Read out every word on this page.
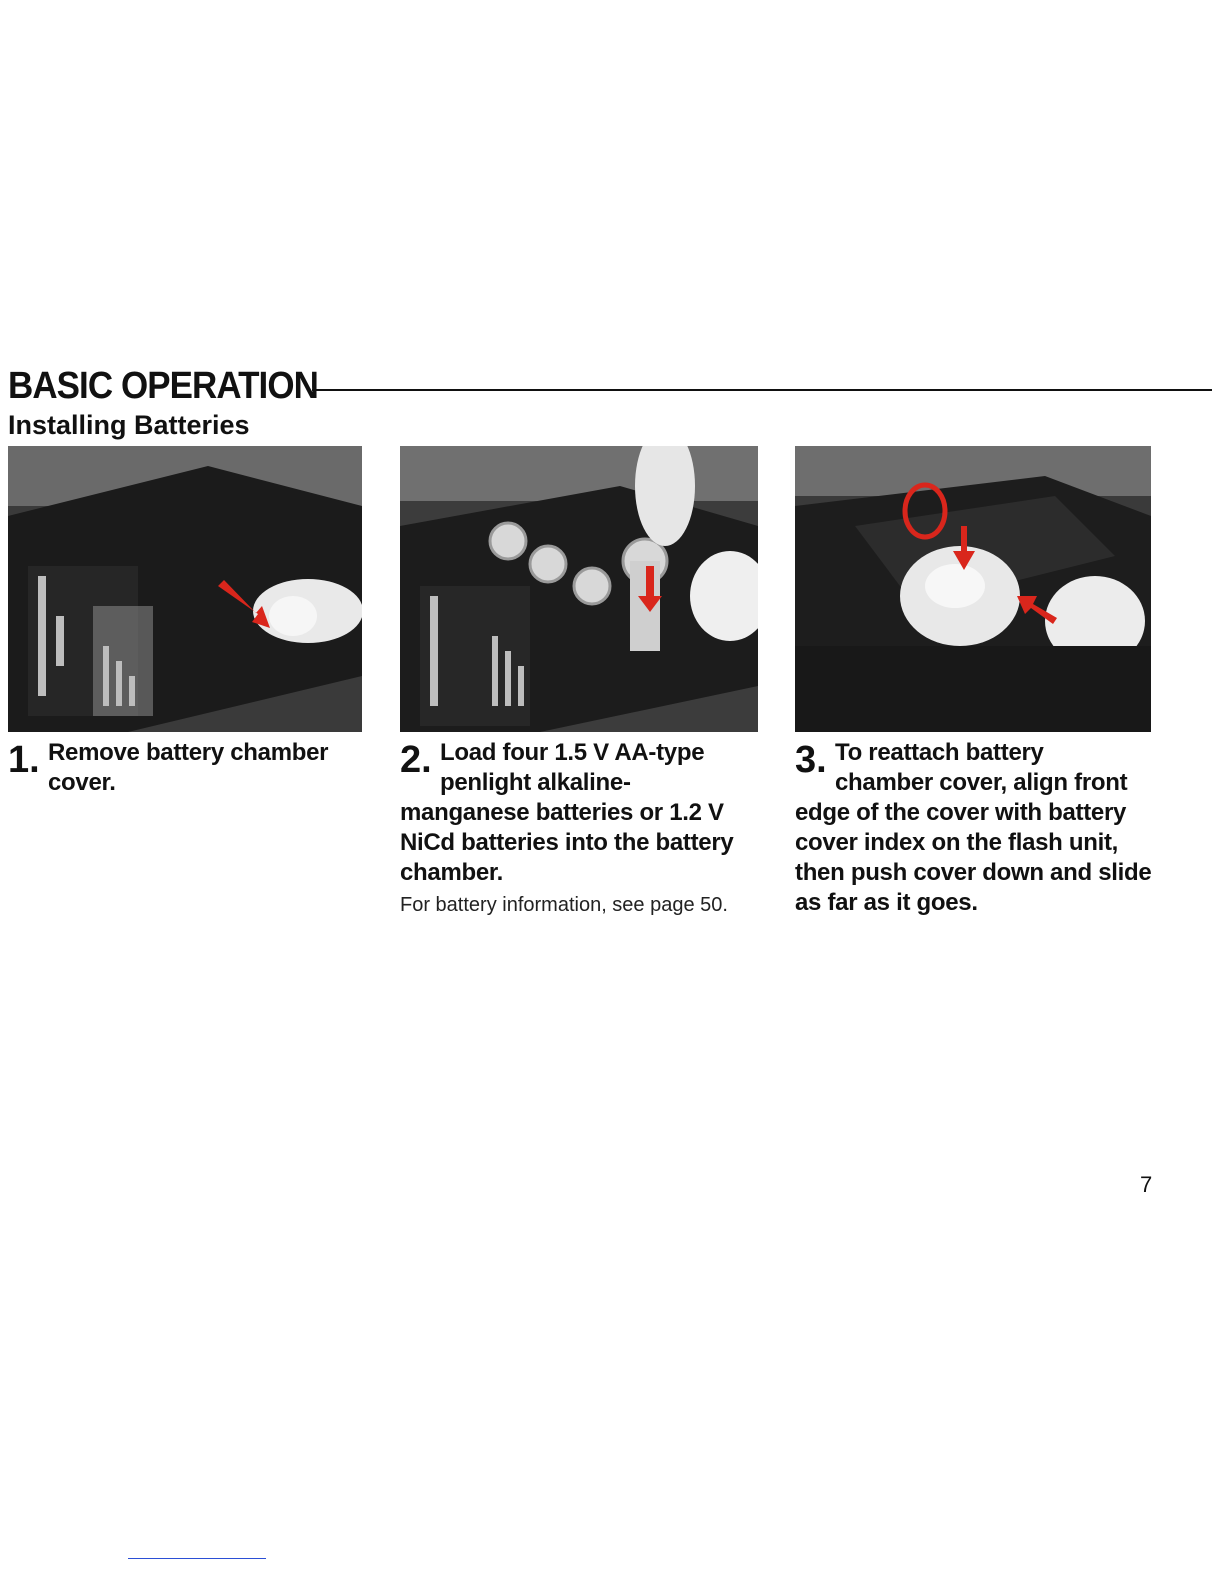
BASIC OPERATION
Installing Batteries
1. Remove battery chamber
cover.

2. Load four 1.5 V AA-type
penlight alkaline-
manganese batteries or 1.2 V NiCd batteries into the battery chamber.

For battery information, see page 50.

3. To reattach battery
chamber cover, align front
edge of the cover with battery cover index on the flash unit, then push cover down and slide as far as it goes.

7
